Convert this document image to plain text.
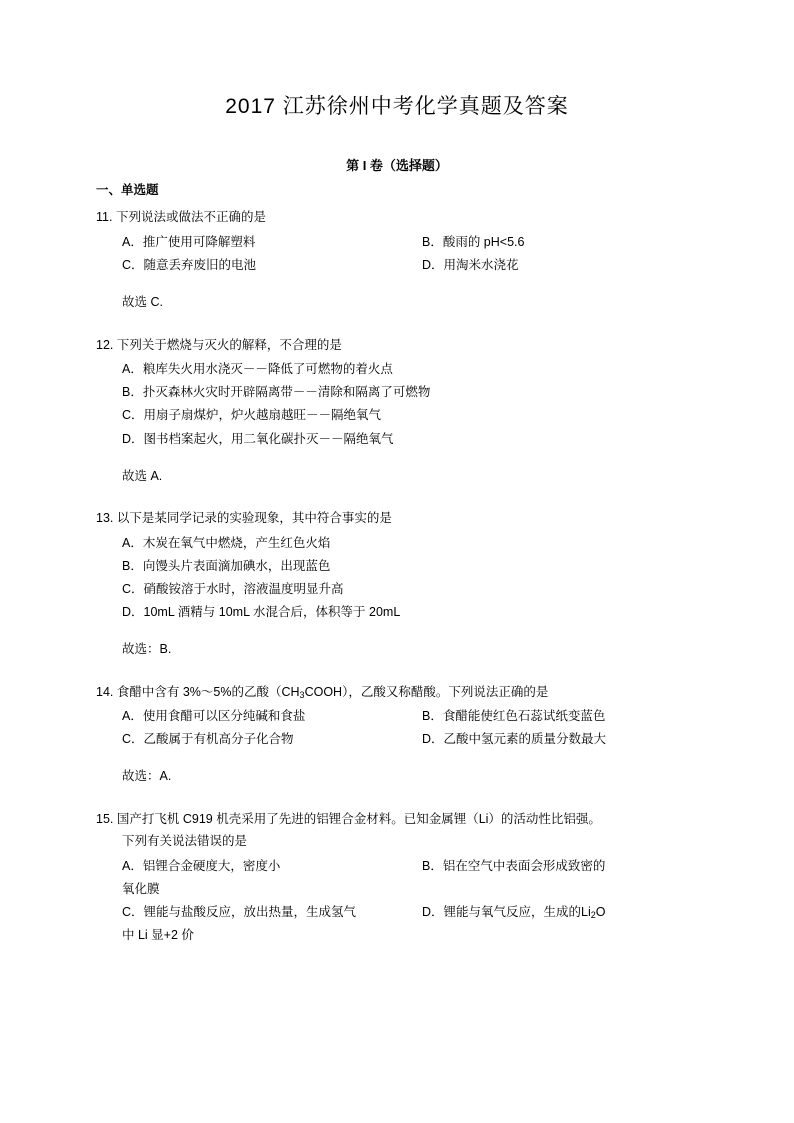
2017 江苏徐州中考化学真题及答案
第 I 卷（选择题）
一、单选题
11. 下列说法或做法不正确的是
A．推广使用可降解塑料	B．酸雨的 pH<5.6
C．随意丢弃废旧的电池	D．用淘米水浇花
故选 C.
12. 下列关于燃烧与灭火的解释，不合理的是
A．粮库失火用水浇灭－－降低了可燃物的着火点
B．扑灭森林火灾时开辟隔离带－－清除和隔离了可燃物
C．用扇子扇煤炉，炉火越扇越旺－－隔绝氧气
D．图书档案起火，用二氧化碳扑灭－－隔绝氧气
故选 A.
13. 以下是某同学记录的实验现象，其中符合事实的是
A．木炭在氧气中燃烧，产生红色火焰
B．向馒头片表面滴加碘水，出现蓝色
C．硝酸铵溶于水时，溶液温度明显升高
D．10mL 酒精与 10mL 水混合后，体积等于 20mL
故选：B.
14. 食醋中含有 3%～5%的乙酸$(CH_3COOH)$，乙酸又称醋酸。下列说法正确的是
A．使用食醋可以区分纯碱和食盐	B．食醋能使红色石蕊试纸变蓝色
C．乙酸属于有机高分子化合物	D．乙酸中氢元素的质量分数最大
故选：A.
15. 国产打飞机 C919 机壳采用了先进的铝锂合金材料。已知金属锂（Li）的活动性比铝强。
下列有关说法错误的是
A．铝锂合金硬度大，密度小	B．铝在空气中表面会形成致密的
氧化膜
C．锂能与盐酸反应，放出热量，生成氢气	D．锂能与氧气反应，生成的$Li_2O$
中 Li 显+2 价
